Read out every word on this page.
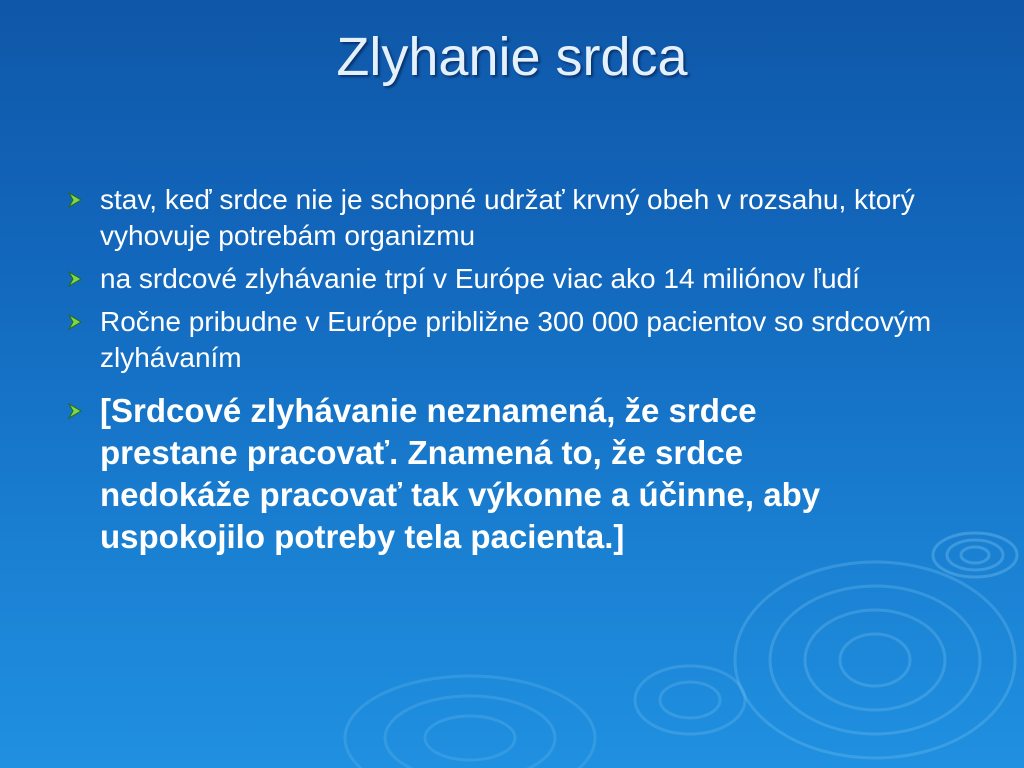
Zlyhanie srdca
stav, keď srdce nie je schopné udržať krvný obeh v rozsahu, ktorý vyhovuje potrebám organizmu
na srdcové zlyhávanie trpí v Európe viac ako 14 miliónov ľudí
Ročne pribudne v Európe približne 300 000 pacientov so srdcovým zlyhávaním
[Srdcové zlyhávanie neznamená, že srdce prestane pracovať. Znamená to, že srdce nedokáže pracovať tak výkonne a účinne, aby uspokojilo potreby tela pacienta.]
